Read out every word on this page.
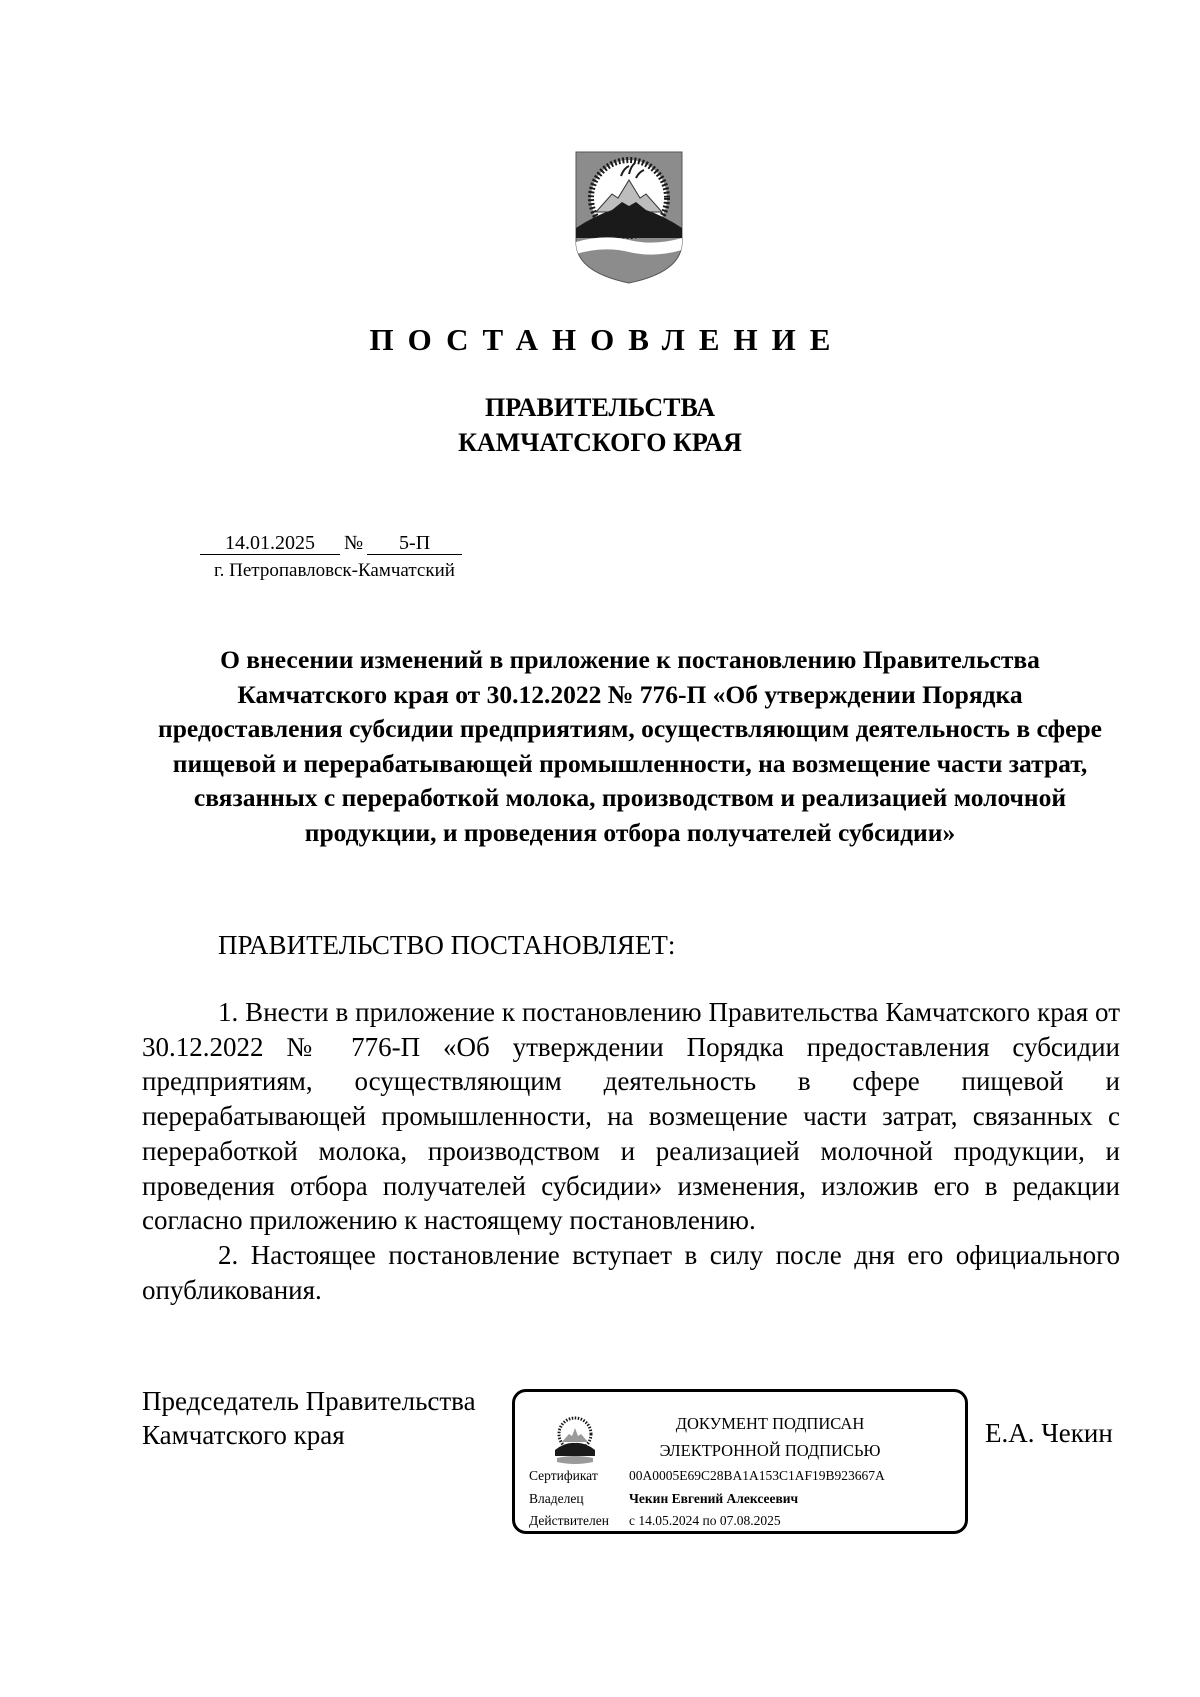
ПОСТАНОВЛЕНИЕ
ПРАВИТЕЛЬСТВА
КАМЧАТСКОГО КРАЯ
14.01.2025 № 5-П
г. Петропавловск-Камчатский
О внесении изменений в приложение к постановлению Правительства Камчатского края от 30.12.2022 № 776-П «Об утверждении Порядка предоставления субсидии предприятиям, осуществляющим деятельность в сфере пищевой и перерабатывающей промышленности, на возмещение части затрат, связанных с переработкой молока, производством и реализацией молочной продукции, и проведения отбора получателей субсидии»
ПРАВИТЕЛЬСТВО ПОСТАНОВЛЯЕТ:

1. Внести в приложение к постановлению Правительства Камчатского края от 30.12.2022 № 776-П «Об утверждении Порядка предоставления субсидии предприятиям, осуществляющим деятельность в сфере пищевой и перерабатывающей промышленности, на возмещение части затрат, связанных с переработкой молока, производством и реализацией молочной продукции, и проведения отбора получателей субсидии» изменения, изложив его в редакции согласно приложению к настоящему постановлению.

2. Настоящее постановление вступает в силу после дня его официального опубликования.

Председатель Правительства
Камчатского края	ДОКУМЕНТ ПОДПИСАН
ЭЛЕКТРОННОЙ ПОДПИСЬЮ
Сертификат 00A0005E69C28BA1A153C1AF19B923667A
Владелец	Чекин Евгений Алексеевич
Действителен с 14.05.2024 по 07.08.2025
Е.А. Чекин
